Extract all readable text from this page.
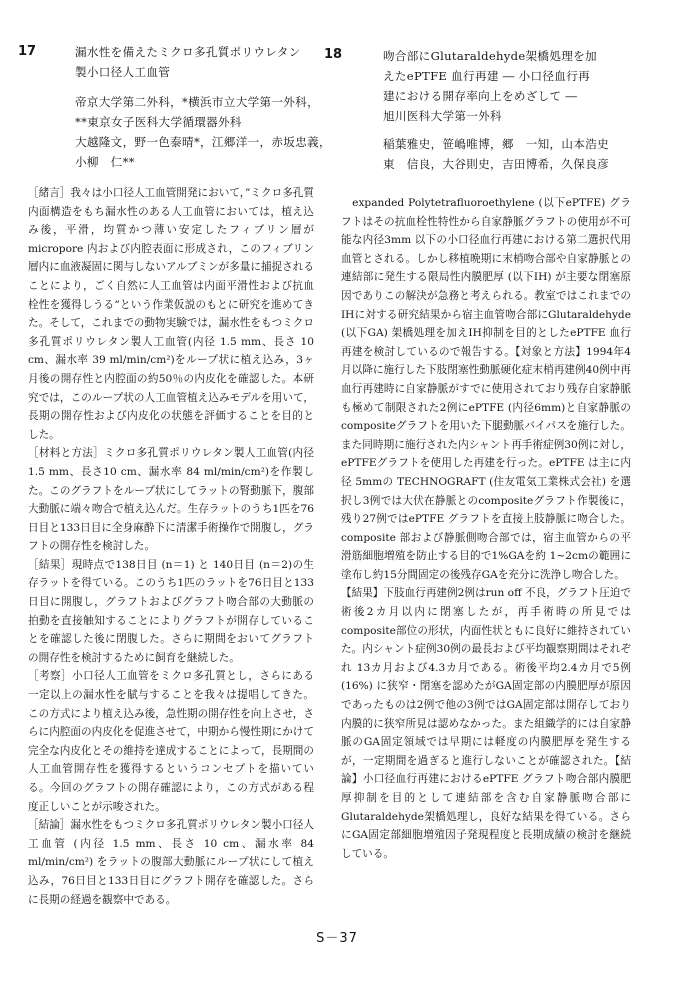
17	漏水性を備えたミクロ多孔質ポリウレタン

製小口径人工血管

帝京大学第二外科，*横浜市立大学第一外科，

**東京女子医科大学循環器外科

大越隆文，野一色泰晴*，江郷洋一，赤坂忠義，

小柳　仁**

18	吻合部にGlutaraldehyde架橋処理を加

えたePTFE 血行再建 ― 小口径血行再

建における開存率向上をめざして ―

旭川医科大学第一外科

稲葉雅史，笹嶋唯博，郷　一知，山本浩史

東　信良，大谷則史，吉田博希，久保良彦

［緒言］我々は小口径人工血管開発において，”ミクロ多孔質内面構造をもち漏水性のある人工血管においては，植え込み後，平滑，均質かつ薄い安定したフィブリン層が micropore 内および内腔表面に形成され，このフィブリン層内に血液凝固に関与しないアルブミンが多量に捕捉されることにより，ごく自然に人工血管は内面平滑性および抗血栓性を獲得しうる”という作業仮説のもとに研究を進めてきた。そして，これまでの動物実験では，漏水性をもつミクロ多孔質ポリウレタン製人工血管(内径 1.5 mm、長さ 10 cm、漏水率 39 ml/min/cm²)をループ状に植え込み，3ヶ月後の開存性と内腔面の約50％の内皮化を確認した。本研究では，このループ状の人工血管植え込みモデルを用いて，長期の開存性および内皮化の状態を評価することを目的とした。

［材料と方法］ミクロ多孔質ポリウレタン製人工血管(内径 1.5 mm、長さ10 cm、漏水率 84 ml/min/cm²)を作製した。このグラフトをループ状にしてラットの腎動脈下，腹部大動脈に端々吻合で植え込んだ。生存ラットのうち1匹を76日目と133日目に全身麻酔下に清潔手術操作で開腹し，グラフトの開存性を検討した。

［結果］現時点で138日目 (n＝1) と 140日目 (n＝2)の生存ラットを得ている。このうち1匹のラットを76日目と133日目に開腹し，グラフトおよびグラフト吻合部の大動脈の拍動を直接触知することによりグラフトが開存していることを確認した後に閉腹した。さらに期間をおいてグラフトの開存性を検討するために飼育を継続した。

［考察］小口径人工血管をミクロ多孔質とし，さらにある一定以上の漏水性を賦与することを我々は提唱してきた。この方式により植え込み後，急性期の開存性を向上させ，さらに内腔面の内皮化を促進させて，中期から慢性期にかけて完全な内皮化とその維持を達成することによって，長期間の人工血管開存性を獲得するというコンセプトを描いている。今回のグラフトの開存確認により，この方式がある程度正しいことが示唆された。

［結論］漏水性をもつミクロ多孔質ポリウレタン製小口径人工血管 (内径 1.5 mm、長さ 10 cm、漏水率 84 ml/min/cm²) をラットの腹部大動脈にループ状にして植え込み，76日目と133日目にグラフト開存を確認した。さらに長期の経過を観察中である。

　expanded Polytetrafluoroethylene (以下ePTFE) グラフトはその抗血栓性特性から自家静脈グラフトの使用が不可能な内径3mm 以下の小口径血行再建における第二選択代用血管とされる。しかし移植晩期に末梢吻合部や自家静脈との連結部に発生する限局性内膜肥厚 (以下IH) が主要な閉塞原因でありこの解決が急務と考えられる。教室ではこれまでのIHに対する研究結果から宿主血管吻合部にGlutaraldehyde (以下GA) 架橋処理を加えIH抑制を目的としたePTFE 血行再建を検討しているので報告する。【対象と方法】1994年4月以降に施行した下肢閉塞性動脈硬化症末梢再建例40例中再血行再建時に自家静脈がすでに使用されており残存自家静脈も極めて制限された2例にePTFE (内径6mm)と自家静脈のcompositeグラフトを用いた下腿動脈バイパスを施行した。また同時期に施行された内シャント再手術症例30例に対し，ePTFEグラフトを使用した再建を行った。ePTFE は主に内径 5mmの TECHNOGRAFT (住友電気工業株式会社) を選択し3例では大伏在静脈とのcompositeグラフト作製後に，残り27例ではePTFE グラフトを直接上肢静脈に吻合した。composite 部および静脈側吻合部では，宿主血管からの平滑筋細胞増殖を防止する目的で1%GAを約 1~2cmの範囲に塗布し約15分間固定の後残存GAを充分に洗浄し吻合した。

【結果】下肢血行再建例2例はrun off 不良，グラフト圧迫で術後2カ月以内に閉塞したが，再手術時の所見では composite部位の形状，内面性状ともに良好に維持されていた。内シャント症例30例の最長および平均観察期間はそれぞれ 13カ月および4.3カ月である。術後平均2.4カ月で5例 (16%) に狭窄・閉塞を認めたがGA固定部の内膜肥厚が原因であったものは2例で他の3例ではGA固定部は開存しており内膜的に狭窄所見は認めなかった。また組織学的には自家静脈のGA固定領域では早期には軽度の内膜肥厚を発生するが，一定期間を過ぎると進行しないことが確認された。【結論】小口径血行再建におけるePTFE グラフト吻合部内膜肥厚抑制を目的として連結部を含む自家静脈吻合部にGlutaraldehyde架橋処理し，良好な結果を得ている。さらにGA固定部細胞増殖因子発現程度と長期成績の検討を継続している。

S－37
